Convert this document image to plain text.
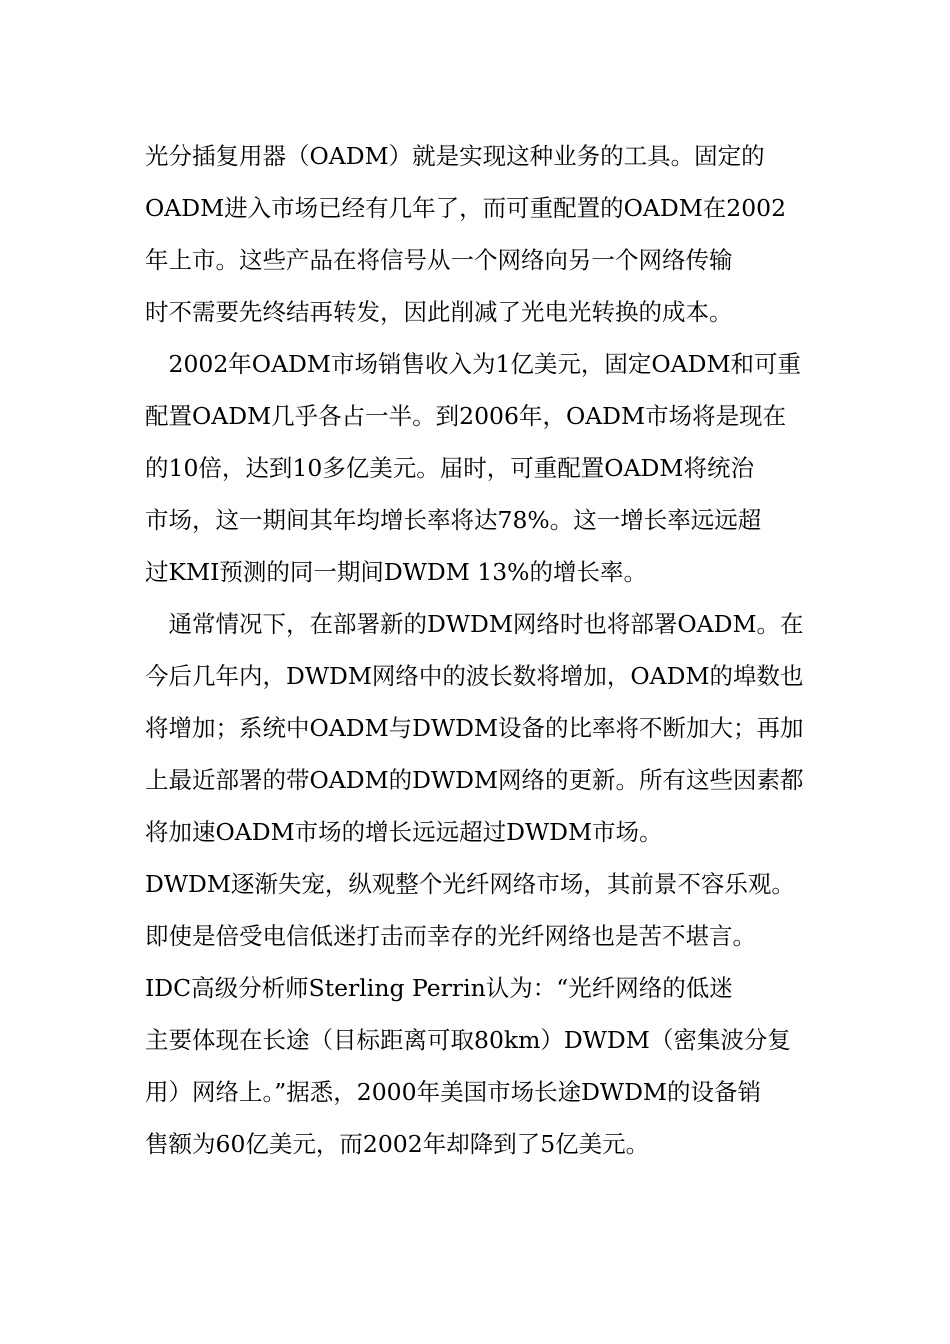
光分插复用器（OADM）就是实现这种业务的工具。固定的
OADM进入市场已经有几年了，而可重配置的OADM在2002
年上市。这些产品在将信号从一个网络向另一个网络传输
时不需要先终结再转发，因此削减了光电光转换的成本。
　2002年OADM市场销售收入为1亿美元，固定OADM和可重
配置OADM几乎各占一半。到2006年，OADM市场将是现在
的10倍，达到10多亿美元。届时，可重配置OADM将统治
市场，这一期间其年均增长率将达78%。这一增长率远远超
过KMI预测的同一期间DWDM 13%的增长率。
　通常情况下，在部署新的DWDM网络时也将部署OADM。在
今后几年内，DWDM网络中的波长数将增加，OADM的埠数也
将增加；系统中OADM与DWDM设备的比率将不断加大；再加
上最近部署的带OADM的DWDM网络的更新。所有这些因素都
将加速OADM市场的增长远远超过DWDM市场。
DWDM逐渐失宠，纵观整个光纤网络市场，其前景不容乐观。
即使是倍受电信低迷打击而幸存的光纤网络也是苦不堪言。
IDC高级分析师Sterling Perrin认为：“光纤网络的低迷
主要体现在长途（目标距离可取80km）DWDM（密集波分复
用）网络上。”据悉，2000年美国市场长途DWDM的设备销
售额为60亿美元，而2002年却降到了5亿美元。
